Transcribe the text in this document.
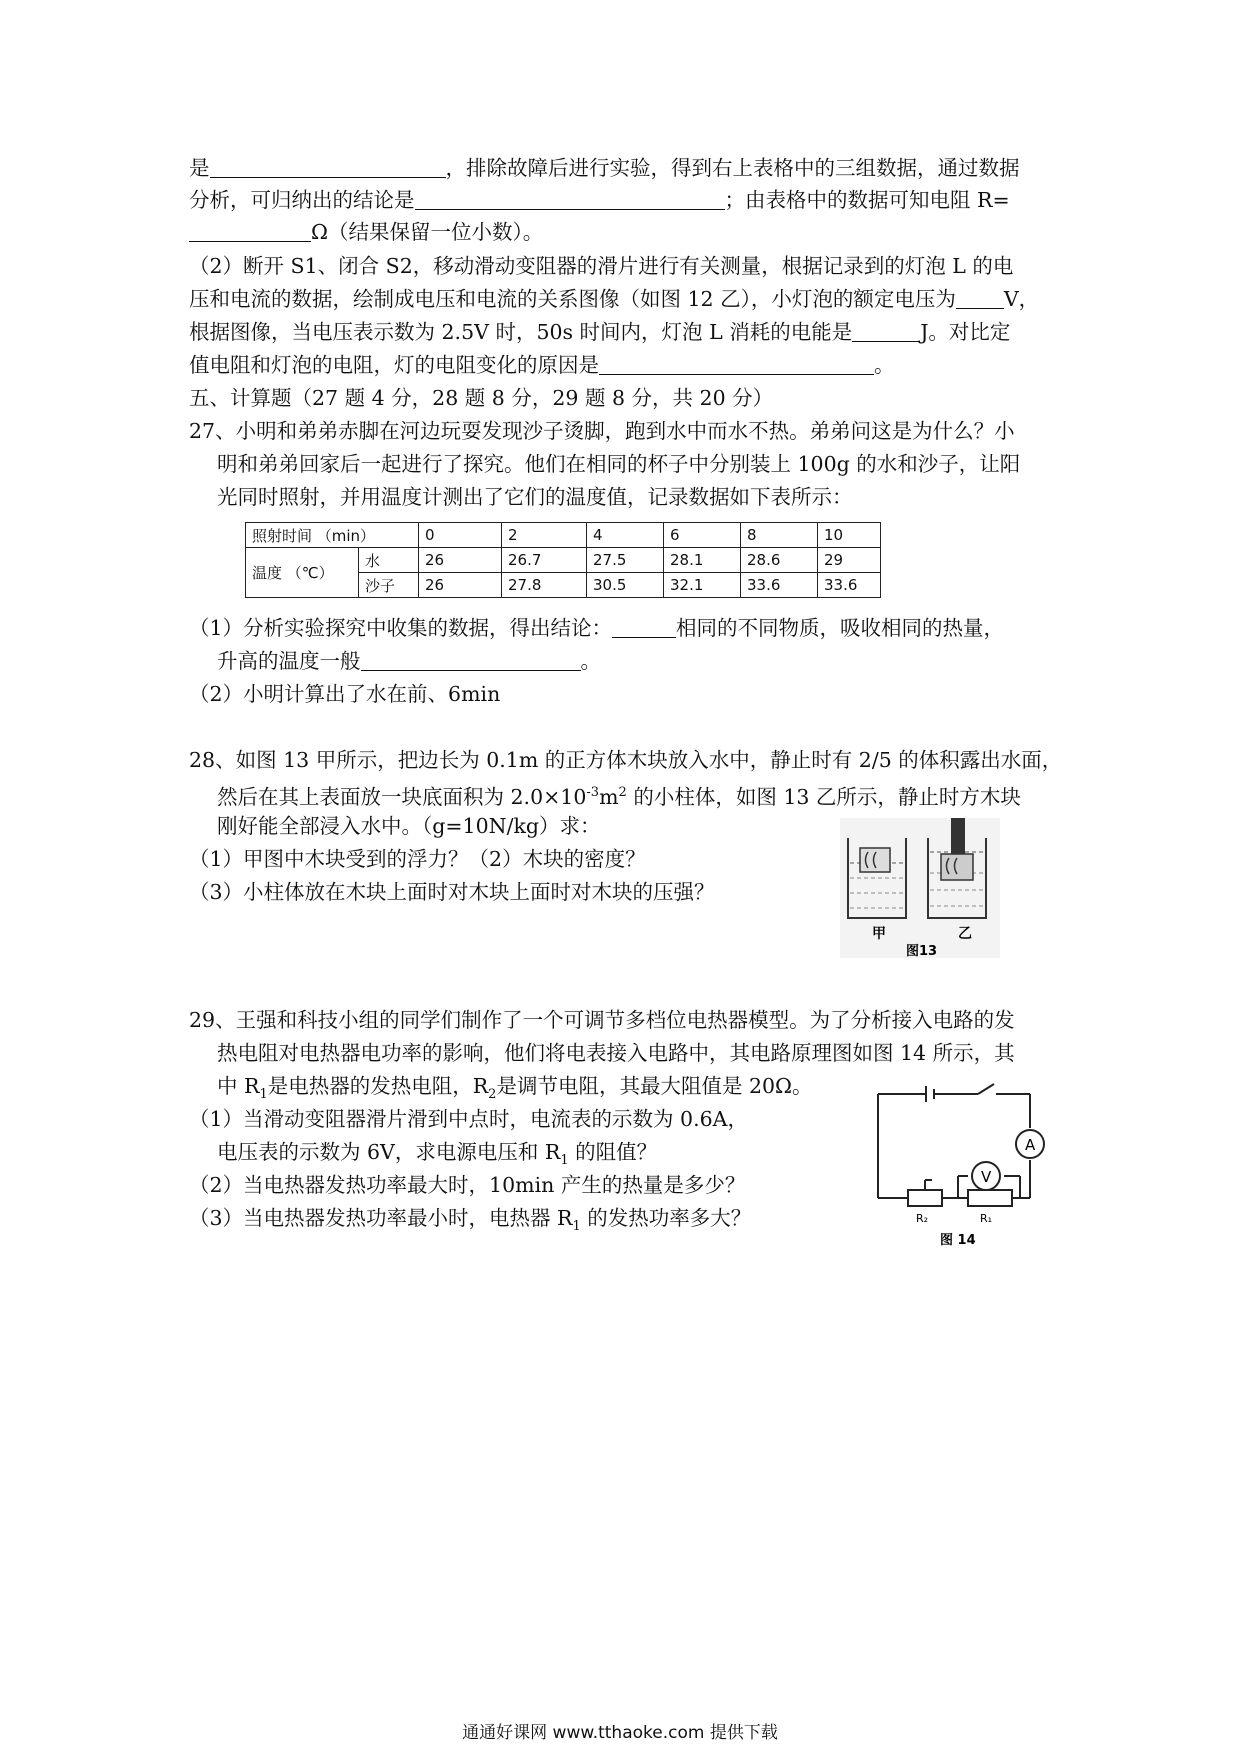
是	，排除故障后进行实验，得到右上表格中的三组数据，通过数据
分析，可归纳出的结论是	；由表格中的数据可知电阻 R=
Ω（结果保留一位小数）。
（2）断开 S1、闭合 S2，移动滑动变阻器的滑片进行有关测量，根据记录到的灯泡 L 的电
压和电流的数据，绘制成电压和电流的关系图像（如图 12 乙），小灯泡的额定电压为 V，
根据图像，当电压表示数为 2.5V 时，50s 时间内，灯泡 L 消耗的电能是	J。对比定
值电阻和灯泡的电阻，灯的电阻变化的原因是	。
五、计算题（27 题 4 分，28 题 8 分，29 题 8 分，共 20 分）
27、小明和弟弟赤脚在河边玩耍发现沙子烫脚，跑到水中而水不热。弟弟问这是为什么？小
明和弟弟回家后一起进行了探究。他们在相同的杯子中分别装上 100g 的水和沙子，让阳
光同时照射，并用温度计测出了它们的温度值，记录数据如下表所示：
照射时间 （min）		0	2	4	6	8	10
温度 （℃）	水	26	26.7	27.5	28.1	28.6	29
	沙子	26	27.8	30.5	32.1	33.6	33.6
（1）分析实验探究中收集的数据，得出结论：	相同的不同物质，吸收相同的热量，
升高的温度一般	。
（2）小明计算出了水在前、6min
28、如图 13 甲所示，把边长为 0.1m 的正方体木块放入水中，静止时有 2/5 的体积露出水面，
然后在其上表面放一块底面积为 $2.0\times 10^{-3}m^2$ 的小柱体，如图 13 乙所示，静止时方木块
刚好能全部浸入水中。（g=10N/kg）求：
（1）甲图中木块受到的浮力？（2）木块的密度？
（3）小柱体放在木块上面时对木块上面时对木块的压强？
甲	乙
图13
29、王强和科技小组的同学们制作了一个可调节多档位电热器模型。为了分析接入电路的发
热电阻对电热器电功率的影响，他们将电表接入电路中，其电路原理图如图 14 所示，其
中 $R_1$是电热器的发热电阻，$R_2$是调节电阻，其最大阻值是 20Ω。
（1）当滑动变阻器滑片滑到中点时，电流表的示数为 0.6A，
电压表的示数为 6V，求电源电压和 $R_1$ 的阻值？
（2）当电热器发热功率最大时，10min 产生的热量是多少？
（3）当电热器发热功率最小时，电热器 $R_1$ 的发热功率多大？
A
V
R₂	R₁
图 14
通通好课网 www.tthaoke.com 提供下载
